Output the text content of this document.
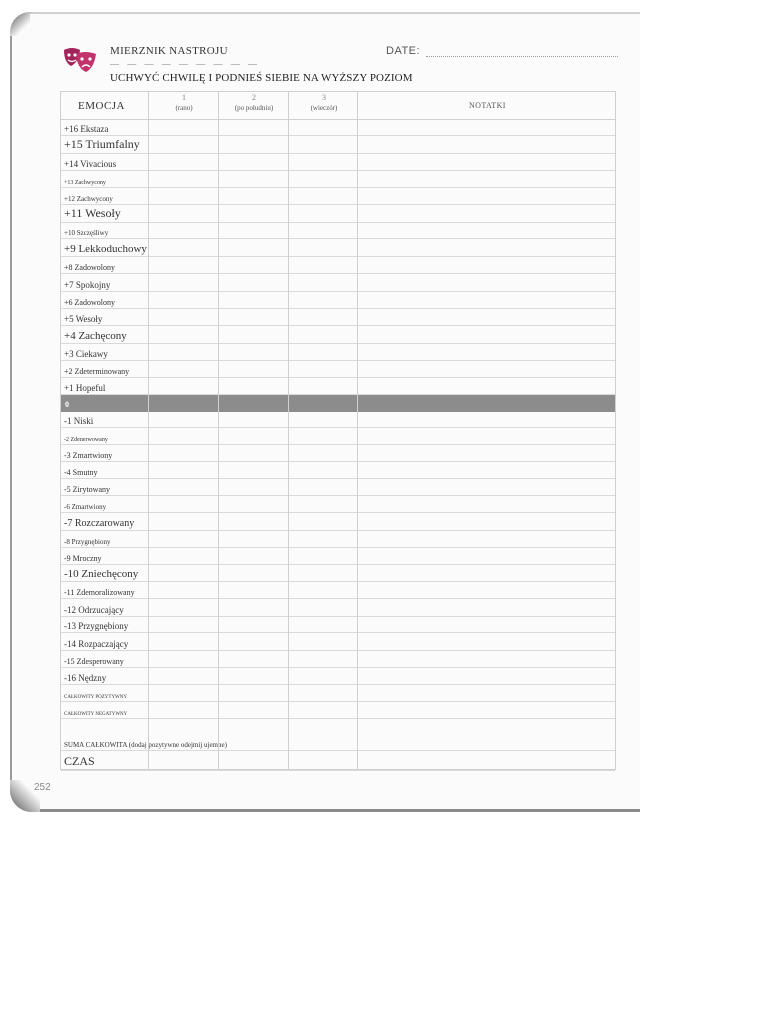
MIERZNIK NASTROJU
— — — — — — — — —
DATE:
UCHWYĆ CHWILĘ I PODNIEŚ SIEBIE NA WYŻSZY POZIOM
EMOCJA
1
(rano)
2
(po południu)
3
(wieczór)	NOTATKI
+16 Ekstaza
+15 Triumfalny
+14 Vivacious
+13 Zachwycony
+12 Zachwycony
+11 Wesoły
+10 Szczęśliwy
+9 Lekkoduchowy
+8 Zadowolony
+7 Spokojny
+6 Zadowolony
+5 Wesoły
+4 Zachęcony
+3 Ciekawy
+2 Zdeterminowany
+1 Hopeful
0
-1 Niski
-2 Zdenerwowany
-3 Zmartwiony
-4 Smutny
-5 Zirytowany
-6 Zmartwiony
-7 Rozczarowany
-8 Przygnębiony
-9 Mroczny
-10 Zniechęcony
-11 Zdemoralizowany
-12 Odrzucający
-13 Przygnębiony
-14 Rozpaczający
-15 Zdesperowany
-16 Nędzny
CAŁKOWITY POZYTYWNY
CAŁKOWITY NEGATYWNY
SUMA CAŁKOWITA (dodaj pozytywne odejmij ujemne)
CZAS
252
